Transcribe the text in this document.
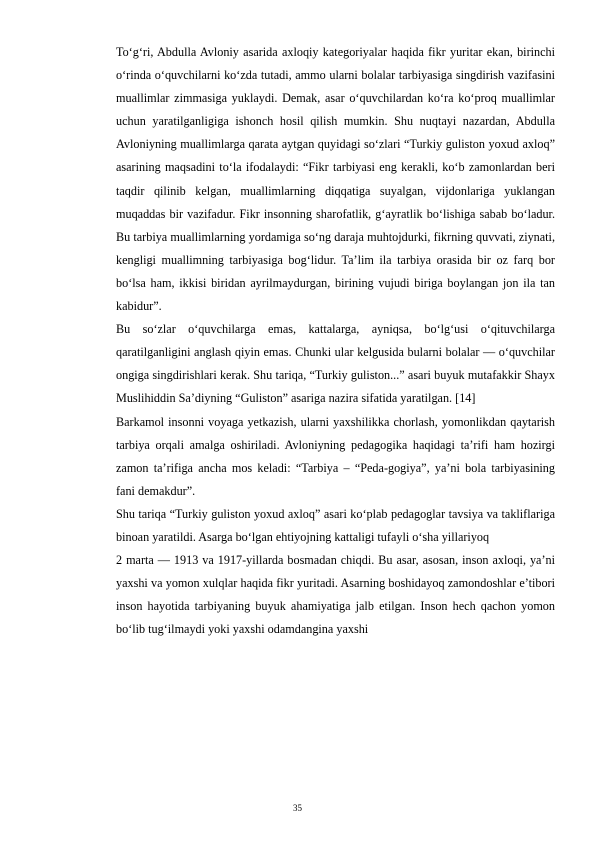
To‘g‘ri, Abdulla Avloniy asarida axloqiy kategoriyalar haqida fikr yuritar ekan, birinchi o‘rinda o‘quvchilarni ko‘zda tutadi, ammo ularni bolalar tarbiyasiga singdirish vazifasini muallimlar zimmasiga yuklaydi. Demak, asar o‘quvchilardan ko‘ra ko‘proq muallimlar uchun yaratilganligiga ishonch hosil qilish mumkin. Shu nuqtayi nazardan, Abdulla Avloniyning muallimlarga qarata aytgan quyidagi so‘zlari “Turkiy guliston yoxud axloq” asarining maqsadini to‘la ifodalaydi: “Fikr tarbiyasi eng kerakli, ko‘b zamonlardan beri taqdir qilinib kelgan, muallimlarning diqqatiga suyalgan, vijdonlariga yuklangan muqaddas bir vazifadur. Fikr insonning sharofatlik, g‘ayratlik bo‘lishiga sabab bo‘ladur. Bu tarbiya muallimlarning yordamiga so‘ng daraja muhtojdurki, fikrning quvvati, ziynati, kengligi muallimning tarbiyasiga bog‘lidur. Ta’lim ila tarbiya orasida bir oz farq bor bo‘lsa ham, ikkisi biridan ayrilmaydurgan, birining vujudi biriga boylangan jon ila tan kabidur”.

Bu so‘zlar o‘quvchilarga emas, kattalarga, ayniqsa, bo‘lg‘usi o‘qituvchilarga qaratilganligini anglash qiyin emas. Chunki ular kelgusida bularni bolalar — o‘quvchilar ongiga singdirishlari kerak. Shu tariqa, “Turkiy guliston...” asari buyuk mutafakkir Shayx Muslihiddin Sa’diyning “Guliston” asariga nazira sifatida yaratilgan. [14]

Barkamol insonni voyaga yetkazish, ularni yaxshilikka chorlash, yomonlikdan qaytarish tarbiya orqali amalga oshiriladi. Avloniyning pedagogika haqidagi ta’rifi ham hozirgi zamon ta’rifiga ancha mos keladi: “Tarbiya – “Peda-gogiya”, ya’ni bola tarbiyasining fani demakdur”.

Shu tariqa “Turkiy guliston yoxud axloq” asari ko‘plab pedagoglar tavsiya va takliflariga binoan yaratildi. Asarga bo‘lgan ehtiyojning kattaligi tufayli o‘sha yillariyoq

2 marta — 1913 va 1917-yillarda bosmadan chiqdi. Bu asar, asosan, inson axloqi, ya’ni yaxshi va yomon xulqlar haqida fikr yuritadi. Asarning boshidayoq zamondoshlar e’tibori inson hayotida tarbiyaning buyuk ahamiyatiga jalb etilgan. Inson hech qachon yomon bo‘lib tug‘ilmaydi yoki yaxshi odamdangina yaxshi

35
